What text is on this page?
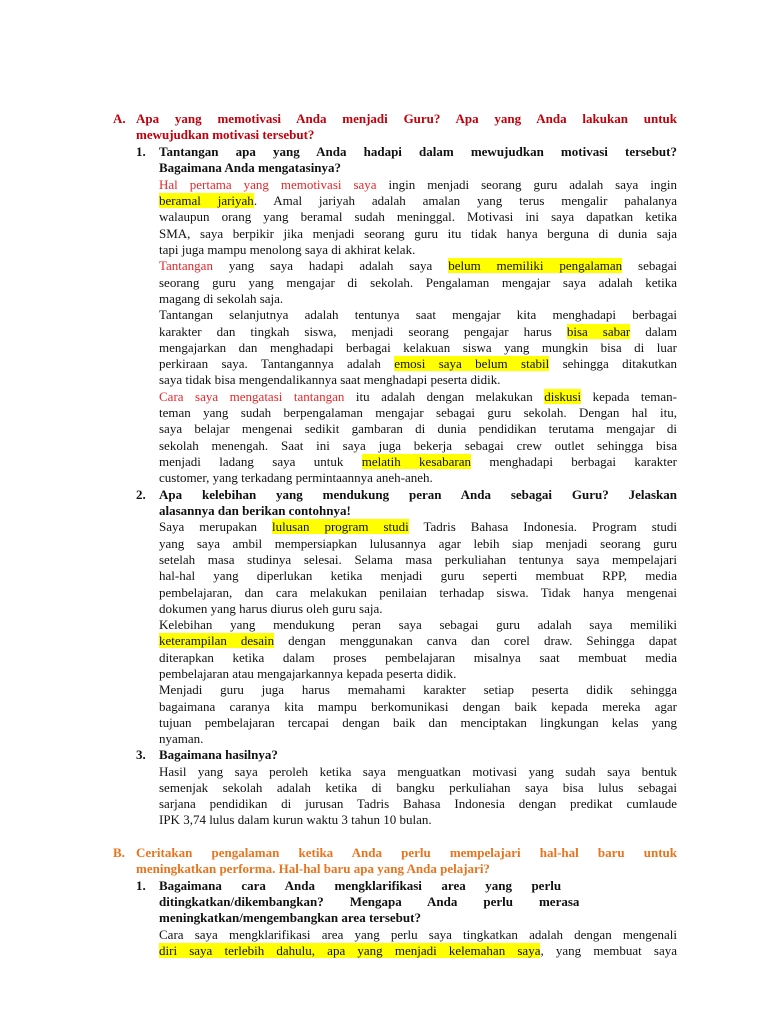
A. Apa yang memotivasi Anda menjadi Guru? Apa yang Anda lakukan untuk
mewujudkan motivasi tersebut?
1. Tantangan apa yang Anda hadapi dalam mewujudkan motivasi tersebut?
Bagaimana Anda mengatasinya?
Hal pertama yang memotivasi saya ingin menjadi seorang guru adalah saya ingin
beramal jariyah. Amal jariyah adalah amalan yang terus mengalir pahalanya
walaupun orang yang beramal sudah meninggal. Motivasi ini saya dapatkan ketika
SMA, saya berpikir jika menjadi seorang guru itu tidak hanya berguna di dunia saja
tapi juga mampu menolong saya di akhirat kelak.
Tantangan yang saya hadapi adalah saya belum memiliki pengalaman sebagai
seorang guru yang mengajar di sekolah. Pengalaman mengajar saya adalah ketika
magang di sekolah saja.
Tantangan selanjutnya adalah tentunya saat mengajar kita menghadapi berbagai
karakter dan tingkah siswa, menjadi seorang pengajar harus bisa sabar dalam
mengajarkan dan menghadapi berbagai kelakuan siswa yang mungkin bisa di luar
perkiraan saya. Tantangannya adalah emosi saya belum stabil sehingga ditakutkan
saya tidak bisa mengendalikannya saat menghadapi peserta didik.
Cara saya mengatasi tantangan itu adalah dengan melakukan diskusi kepada teman-
teman yang sudah berpengalaman mengajar sebagai guru sekolah. Dengan hal itu,
saya belajar mengenai sedikit gambaran di dunia pendidikan terutama mengajar di
sekolah menengah. Saat ini saya juga bekerja sebagai crew outlet sehingga bisa
menjadi ladang saya untuk melatih kesabaran menghadapi berbagai karakter
customer, yang terkadang permintaannya aneh-aneh.
2. Apa kelebihan yang mendukung peran Anda sebagai Guru? Jelaskan
alasannya dan berikan contohnya!
Saya merupakan lulusan program studi Tadris Bahasa Indonesia. Program studi
yang saya ambil mempersiapkan lulusannya agar lebih siap menjadi seorang guru
setelah masa studinya selesai. Selama masa perkuliahan tentunya saya mempelajari
hal-hal yang diperlukan ketika menjadi guru seperti membuat RPP, media
pembelajaran, dan cara melakukan penilaian terhadap siswa. Tidak hanya mengenai
dokumen yang harus diurus oleh guru saja.
Kelebihan yang mendukung peran saya sebagai guru adalah saya memiliki
keterampilan desain dengan menggunakan canva dan corel draw. Sehingga dapat
diterapkan ketika dalam proses pembelajaran misalnya saat membuat media
pembelajaran atau mengajarkannya kepada peserta didik.
Menjadi guru juga harus memahami karakter setiap peserta didik sehingga
bagaimana caranya kita mampu berkomunikasi dengan baik kepada mereka agar
tujuan pembelajaran tercapai dengan baik dan menciptakan lingkungan kelas yang
nyaman.
3. Bagaimana hasilnya?
Hasil yang saya peroleh ketika saya menguatkan motivasi yang sudah saya bentuk
semenjak sekolah adalah ketika di bangku perkuliahan saya bisa lulus sebagai
sarjana pendidikan di jurusan Tadris Bahasa Indonesia dengan predikat cumlaude
IPK 3,74 lulus dalam kurun waktu 3 tahun 10 bulan.
B. Ceritakan pengalaman ketika Anda perlu mempelajari hal-hal baru untuk
meningkatkan performa. Hal-hal baru apa yang Anda pelajari?
1. Bagaimana      cara      Anda      mengklarifikasi      area      yang      perlu
ditingkatkan/dikembangkan?        Mengapa        Anda        perlu        merasa
meningkatkan/mengembangkan area tersebut?
Cara saya mengklarifikasi area yang perlu saya tingkatkan adalah dengan mengenali
diri saya terlebih dahulu, apa yang menjadi kelemahan saya, yang membuat saya
